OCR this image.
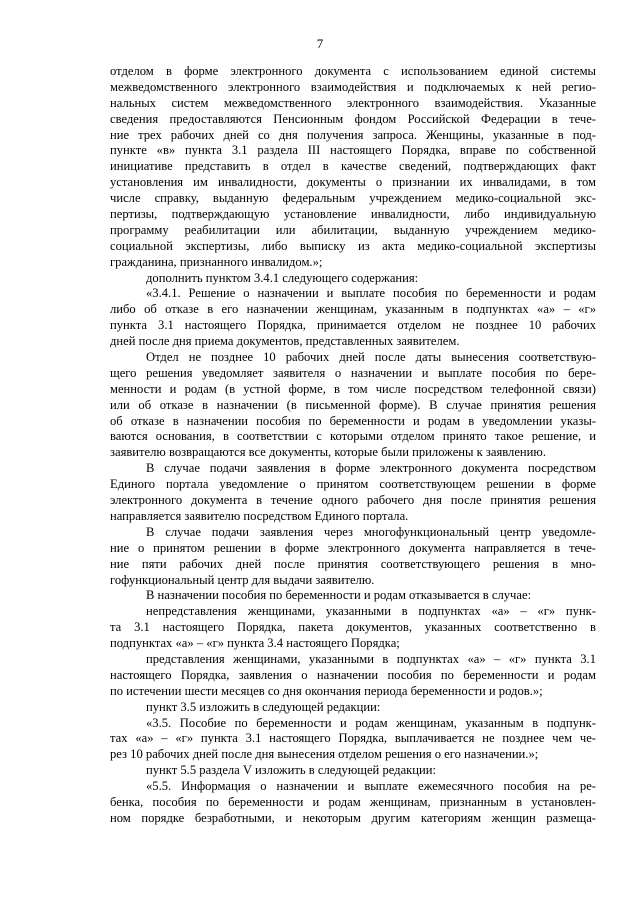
7
отделом в форме электронного документа с использованием единой системы
межведомственного электронного взаимодействия и подключаемых к ней регио-
нальных систем межведомственного электронного взаимодействия. Указанные
сведения предоставляются Пенсионным фондом Российской Федерации в тече-
ние трех рабочих дней со дня получения запроса. Женщины, указанные в под-
пункте «в» пункта 3.1 раздела III настоящего Порядка, вправе по собственной
инициативе представить в отдел в качестве сведений, подтверждающих факт
установления им инвалидности, документы о признании их инвалидами, в том
числе справку, выданную федеральным учреждением медико-социальной экс-
пертизы, подтверждающую установление инвалидности, либо индивидуальную
программу реабилитации или абилитации, выданную учреждением медико-
социальной экспертизы, либо выписку из акта медико-социальной экспертизы
гражданина, признанного инвалидом.»;
дополнить пунктом 3.4.1 следующего содержания:
«3.4.1. Решение о назначении и выплате пособия по беременности и родам
либо об отказе в его назначении женщинам, указанным в подпунктах «а» – «г»
пункта 3.1 настоящего Порядка, принимается отделом не позднее 10 рабочих
дней после дня приема документов, представленных заявителем.
Отдел не позднее 10 рабочих дней после даты вынесения соответствую-
щего решения уведомляет заявителя о назначении и выплате пособия по бере-
менности и родам (в устной форме, в том числе посредством телефонной связи)
или об отказе в назначении (в письменной форме). В случае принятия решения
об отказе в назначении пособия по беременности и родам в уведомлении указы-
ваются основания, в соответствии с которыми отделом принято такое решение, и
заявителю возвращаются все документы, которые были приложены к заявлению.
В случае подачи заявления в форме электронного документа посредством
Единого портала уведомление о принятом соответствующем решении в форме
электронного документа в течение одного рабочего дня после принятия решения
направляется заявителю посредством Единого портала.
В случае подачи заявления через многофункциональный центр уведомле-
ние о принятом решении в форме электронного документа направляется в тече-
ние пяти рабочих дней после принятия соответствующего решения в мно-
гофункциональный центр для выдачи заявителю.
В назначении пособия по беременности и родам отказывается в случае:
непредставления женщинами, указанными в подпунктах «а» – «г» пунк-
та 3.1 настоящего Порядка, пакета документов, указанных соответственно в
подпунктах «а» – «г» пункта 3.4 настоящего Порядка;
представления женщинами, указанными в подпунктах «а» – «г» пункта 3.1
настоящего Порядка, заявления о назначении пособия по беременности и родам
по истечении шести месяцев со дня окончания периода беременности и родов.»;
пункт 3.5 изложить в следующей редакции:
«3.5. Пособие по беременности и родам женщинам, указанным в подпунк-
тах «а» – «г» пункта 3.1 настоящего Порядка, выплачивается не позднее чем че-
рез 10 рабочих дней после дня вынесения отделом решения о его назначении.»;
пункт 5.5 раздела V изложить в следующей редакции:
«5.5. Информация о назначении и выплате ежемесячного пособия на ре-
бенка, пособия по беременности и родам женщинам, признанным в установлен-
ном порядке безработными, и некоторым другим категориям женщин размеща-
